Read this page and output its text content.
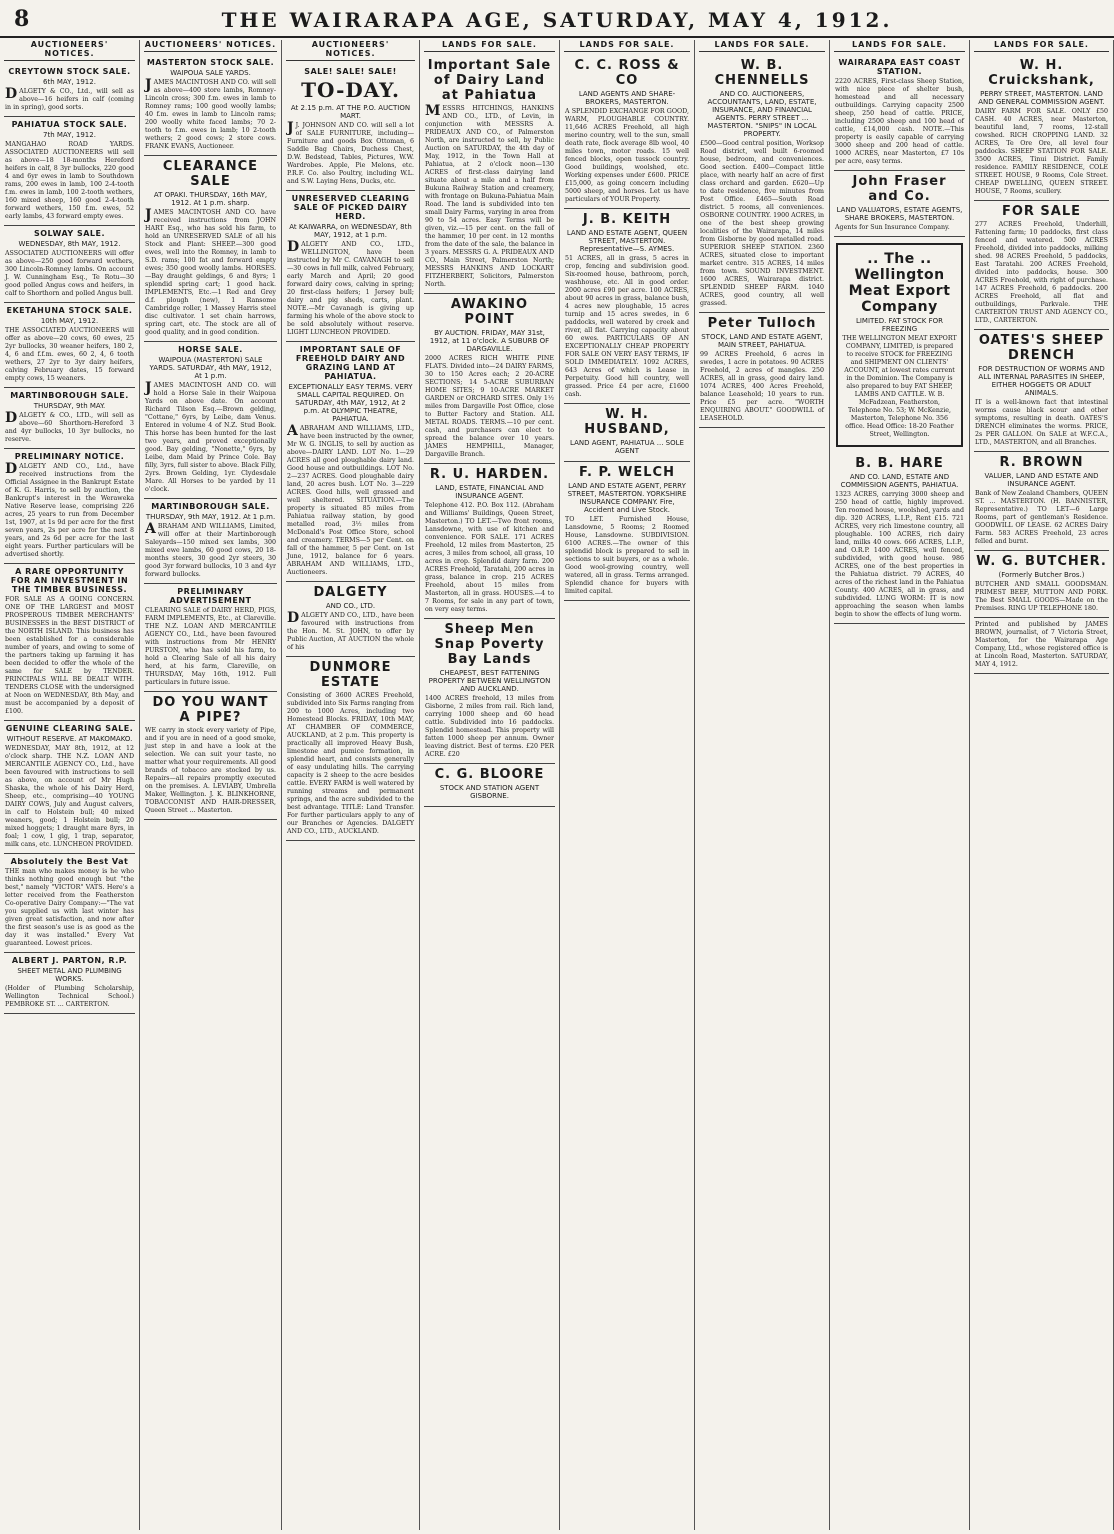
8	THE WAIRARAPA AGE, SATURDAY, MAY 4, 1912.
AUCTIONEERS' NOTICES.
CREYTOWN STOCK SALE.
6th MAY, 1912.
DALGETY & CO., Ltd., will sell as above—16 heifers in calf (coming in in spring), good sorts.
PAHIATUA STOCK SALE.
7th MAY, 1912.
MANGAHAO ROAD YARDS. ASSOCIATED AUCTIONEERS will sell as above—18 18-months Hereford heifers in calf, 8 3yr bullocks, 220 good 4 and 6yr ewes in lamb to Southdown rams, 200 ewes in lamb, 100 2-4-tooth f.m. ewes in lamb, 100 2-tooth wethers, 160 mixed sheep, 160 good 2-4-tooth forward wethers, 150 f.m. ewes, 52 early lambs, 43 forward empty ewes.
SOLWAY SALE.
WEDNESDAY, 8th MAY, 1912.
ASSOCIATED AUCTIONEERS will offer as above—250 good forward wethers, 300 Lincoln-Romney lambs. On account J. W. Cunningham Esq., Te Rotu—30 good polled Angus cows and heifers, in calf to Shorthorn and polled Angus bull.
EKETAHUNA STOCK SALE.
10th MAY, 1912.
THE ASSOCIATED AUCTIONEERS will offer as above—20 cows, 60 ewes, 25 2yr bullocks, 30 weaner heifers, 180 2, 4, 6 and f.f.m. ewes, 60 2, 4, 6 tooth wethers, 27 2yr to 3yr dairy heifers, calving February dates, 15 forward empty cows, 15 weaners.
MARTINBOROUGH SALE.
THURSDAY, 9th MAY.
DALGETY & CO., LTD., will sell as above—60 Shorthorn-Hereford 3 and 4yr bullocks, 10 3yr bullocks, no reserve.
PRELIMINARY NOTICE.
DALGETY AND CO., Ltd., have received instructions from the Official Assignee in the Bankrupt Estate of K. G. Harris, to sell by auction, the Bankrupt's interest in the Weraweka Native Reserve lease, comprising 226 acres, 25 years to run from December 1st, 1907, at 1s 9d per acre for the first seven years, 2s per acre for the next 8 years, and 2s 6d per acre for the last eight years. Further particulars will be advertised shortly.
A RARE OPPORTUNITY FOR AN INVESTMENT IN THE TIMBER BUSINESS.
FOR SALE AS A GOING CONCERN. ONE OF THE LARGEST and MOST PROSPEROUS TIMBER MERCHANTS' BUSINESSES in the BEST DISTRICT of the NORTH ISLAND. This business has been established for a considerable number of years, and owing to some of the partners taking up farming it has been decided to offer the whole of the same for SALE by TENDER. PRINCIPALS WILL BE DEALT WITH. TENDERS CLOSE with the undersigned at Noon on WEDNESDAY, 8th May, and must be accompanied by a deposit of £100.
GENUINE CLEARING SALE.
WITHOUT RESERVE. AT MAKOMAKO.
WEDNESDAY, MAY 8th, 1912, at 12 o'clock sharp. THE N.Z. LOAN AND MERCANTILE AGENCY CO., Ltd., have been favoured with instructions to sell as above, on account of Mr Hugh Shaska, the whole of his Dairy Herd, Sheep, etc., comprising—40 YOUNG DAIRY COWS, July and August calvers, in calf to Holstein bull; 40 mixed weaners, good; 1 Holstein bull; 20 mixed hoggets; 1 draught mare 8yrs, in foal; 1 cow, 1 gig, 1 trap, separator, milk cans, etc. LUNCHEON PROVIDED.
Absolutely the Best Vat
THE man who makes money is he who thinks nothing good enough but "the best," namely "VICTOR" VATS. Here's a letter received from the Featherston Co-operative Dairy Company:—"The vat you supplied us with last winter has given great satisfaction, and now after the first season's use is as good as the day it was installed." Every Vat guaranteed. Lowest prices.
ALBERT J. PARTON, R.P.
SHEET METAL AND PLUMBING WORKS.
(Holder of Plumbing Scholarship, Wellington Technical School.) PEMBROKE ST. ... CARTERTON.
AUCTIONEERS' NOTICES.
MASTERTON STOCK SALE.
WAIPOUA SALE YARDS.
JAMES MACINTOSH AND CO. will sell as above—400 store lambs, Romney-Lincoln cross; 300 f.m. ewes in lamb to Romney rams; 100 good woolly lambs; 40 f.m. ewes in lamb to Lincoln rams; 200 woolly white faced lambs; 70 2-tooth to f.m. ewes in lamb; 10 2-tooth wethers; 2 good cows; 2 store cows. FRANK EVANS, Auctioneer.
CLEARANCE SALE
AT OPAKI. THURSDAY, 16th MAY, 1912. At 1 p.m. sharp.
JAMES MACINTOSH AND CO. have received instructions from JOHN HART Esq., who has sold his farm, to hold an UNRESERVED SALE of all his Stock and Plant: SHEEP.—300 good ewes, well into the Romney, in lamb to S.D. rams; 100 fat and forward empty ewes; 350 good woolly lambs. HORSES.—Bay draught geldings, 6 and 8yrs; 1 splendid spring cart; 1 good hack. IMPLEMENTS, Etc.—1 Red and Grey d.f. plough (new), 1 Ransome Cambridge roller, 1 Massey Harris steel disc cultivator. 1 set chain harrows, spring cart, etc. The stock are all of good quality, and in good condition.
HORSE SALE.
WAIPOUA (MASTERTON) SALE YARDS. SATURDAY, 4th MAY, 1912, At 1 p.m.
JAMES MACINTOSH AND CO. will hold a Horse Sale in their Waipoua Yards on above date. On account Richard Tilson Esq.—Brown gelding, "Cottane," 6yrs, by Leibe, dam Venus. Entered in volume 4 of N.Z. Stud Book. This horse has been hunted for the last two years, and proved exceptionally good. Bay gelding, "Nonette," 6yrs, by Leibe, dam Maid by Prince Cole. Bay filly, 3yrs, full sister to above. Black Filly, 2yrs. Brown Gelding, 1yr. Clydesdale Mare. All Horses to be yarded by 11 o'clock.
MARTINBOROUGH SALE.
THURSDAY, 9th MAY, 1912. At 1 p.m.
ABRAHAM AND WILLIAMS, Limited, will offer at their Martinborough Saleyards—150 mixed sex lambs, 300 mixed ewe lambs, 60 good cows, 20 18-months steers, 30 good 2yr steers, 30 good 3yr forward bullocks, 10 3 and 4yr forward bullocks.
PRELIMINARY ADVERTISEMENT
CLEARING SALE of DAIRY HERD, PIGS, FARM IMPLEMENTS, Etc., at Clareville. THE N.Z. LOAN AND MERCANTILE AGENCY CO., Ltd., have been favoured with instructions from Mr HENRY PURSTON, who has sold his farm, to hold a Clearing Sale of all his dairy herd, at his farm, Clareville, on THURSDAY, May 16th, 1912. Full particulars in future issue.
DO YOU WANT A PIPE?
WE carry in stock every variety of Pipe, and if you are in need of a good smoke, just step in and have a look at the selection. We can suit your taste, no matter what your requirements. All good brands of tobacco are stocked by us. Repairs—all repairs promptly executed on the premises. A. LEVIABY, Umbrella Maker, Wellington. J. K. BLINKHORNE, TOBACCONIST AND HAIR-DRESSER, Queen Street ... Masterton.
AUCTIONEERS' NOTICES.
SALE! SALE! SALE!
TO-DAY.
At 2.15 p.m. AT THE P.O. AUCTION MART.
J J. JOHNSON AND CO. will sell a lot of SALE FURNITURE, including—Furniture and goods Box Ottoman, 6 Saddle Bag Chairs, Duchess Chest, D.W. Bedstead, Tables, Pictures, W.W. Wardrobes. Apple, Pie Melons, etc. P.R.F. Co. also Poultry, including W.L. and S.W. Laying Hens, Ducks, etc.
UNRESERVED CLEARING SALE OF PICKED DAIRY HERD.
At KAIWARRA, on WEDNESDAY, 8th MAY, 1912, at 1 p.m.
DALGETY AND CO., LTD., WELLINGTON, have been instructed by Mr C. CAVANAGH to sell—30 cows in full milk, calved February, early March and April; 20 good forward dairy cows, calving in spring; 20 first-class heifers; 1 Jersey bull; dairy and pig sheds, carts, plant. NOTE.—Mr Cavanagh is giving up farming his whole of the above stock to be sold absolutely without reserve. LIGHT LUNCHEON PROVIDED.
IMPORTANT SALE OF FREEHOLD DAIRY AND GRAZING LAND AT PAHIATUA.
EXCEPTIONALLY EASY TERMS. VERY SMALL CAPITAL REQUIRED. On SATURDAY, 4th MAY, 1912, At 2 p.m. At OLYMPIC THEATRE, PAHIATUA.
AABRAHAM AND WILLIAMS, LTD., have been instructed by the owner, Mr W. G. INGLIS, to sell by auction as above—DAIRY LAND. LOT No. 1—29 ACRES all good ploughable dairy land. Good house and outbuildings. LOT No. 2—237 ACRES. Good ploughable dairy land, 20 acres bush. LOT No. 3—229 ACRES. Good hills, well grassed and well sheltered. SITUATION.—The property is situated 85 miles from Pahiatua railway station, by good metalled road, 3½ miles from McDonald's Post Office Store, school and creamery. TERMS—5 per Cent. on fall of the hammer, 5 per Cent. on 1st June, 1912, balance for 6 years. ABRAHAM AND WILLIAMS, LTD., Auctioneers.
DALGETY
AND CO., LTD.
DALGETY AND CO., LTD., have been favoured with instructions from the Hon. M. St. JOHN, to offer by Public Auction, AT AUCTION the whole of his
DUNMORE ESTATE
Consisting of 3600 ACRES Freehold, subdivided into Six Farms ranging from 200 to 1000 Acres, including two Homestead Blocks. FRIDAY, 10th MAY, AT CHAMBER OF COMMERCE, AUCKLAND, at 2 p.m. This property is practically all improved Heavy Bush, limestone and pumice formation, in splendid heart, and consists generally of easy undulating hills. The carrying capacity is 2 sheep to the acre besides cattle. EVERY FARM is well watered by running streams and permanent springs, and the acre subdivided to the best advantage. TITLE: Land Transfer. For further particulars apply to any of our Branches or Agencies. DALGETY AND CO., LTD., AUCKLAND.
LANDS FOR SALE.
Important Sale of Dairy Land at Pahiatua
MESSRS HITCHINGS, HANKINS AND CO., LTD., of Levin, in conjunction with MESSRS A. PRIDEAUX AND CO., of Palmerston North, are instructed to sell, by Public Auction on SATURDAY, the 4th day of May, 1912, in the Town Hall at Pahiatua, at 2 o'clock noon—130 ACRES of first-class dairying land situate about a mile and a half from Bukuna Railway Station and creamery, with frontage on Bukuna-Pahiatua Main Road. The land is subdivided into ten small Dairy Farms, varying in area from 90 to 54 acres. Easy Terms will be given, viz.—15 per cent. on the fall of the hammer, 10 per cent. in 12 months from the date of the sale, the balance in 3 years. MESSRS G. A. PRIDEAUX AND CO., Main Street, Palmerston North; MESSRS HANKINS AND LOCKART FITZHERBERT, Solicitors, Palmerston North.
AWAKINO POINT
BY AUCTION. FRIDAY, MAY 31st, 1912, at 11 o'clock. A SUBURB OF DARGAVILLE.
2000 ACRES RICH WHITE PINE FLATS. Divided into—24 DAIRY FARMS, 30 to 150 Acres each; 2 20-ACRE SECTIONS; 14 5-ACRE SUBURBAN HOME SITES; 9 10-ACRE MARKET GARDEN or ORCHARD SITES. Only 1½ miles from Dargaville Post Office, close to Butter Factory and Station. ALL METAL ROADS. TERMS.—10 per cent. cash, and purchasers can elect to spread the balance over 10 years. JAMES HEMPHILL, Manager, Dargaville Branch.
R. U. HARDEN.
LAND, ESTATE, FINANCIAL AND INSURANCE AGENT.
Telephone 412. P.O. Box 112. (Abraham and Williams' Buildings, Queen Street, Masterton.) TO LET.—Two front rooms, Lansdowne, with use of kitchen and convenience. FOR SALE. 171 ACRES Freehold, 12 miles from Masterton, 25 acres, 3 miles from school, all grass, 10 acres in crop. Splendid dairy farm. 200 ACRES Freehold, Taratahi, 200 acres in grass, balance in crop. 215 ACRES Freehold, about 15 miles from Masterton, all in grass. HOUSES.—4 to 7 Rooms, for sale in any part of town, on very easy terms.
Sheep Men Snap Poverty Bay Lands
CHEAPEST, BEST FATTENING PROPERTY BETWEEN WELLINGTON AND AUCKLAND.
1400 ACRES freehold, 13 miles from Gisborne, 2 miles from rail. Rich land, carrying 1000 sheep and 60 head cattle. Subdivided into 16 paddocks. Splendid homestead. This property will fatten 1000 sheep per annum. Owner leaving district. Best of terms. £20 PER ACRE. £20
C. G. BLOORE
STOCK AND STATION AGENT GISBORNE.
LANDS FOR SALE.
C. C. ROSS & CO
LAND AGENTS AND SHARE-BROKERS, MASTERTON.
A SPLENDID EXCHANGE FOR GOOD, WARM, PLOUGHABLE COUNTRY. 11,646 ACRES Freehold, all high merino country, well to the sun, small death rate, flock average 8lb wool, 40 miles town, motor roads. 15 well fenced blocks, open tussock country. Good buildings, woolshed, etc. Working expenses under £600. PRICE £15,000, as going concern including 5000 sheep, and horses. Let us have particulars of YOUR Property.
J. B. KEITH
LAND AND ESTATE AGENT, QUEEN STREET, MASTERTON. Representative—S. AYMES.
51 ACRES, all in grass, 5 acres in crop, fencing and subdivision good. Six-roomed house, bathroom, porch, washhouse, etc. All in good order. 2000 acres £90 per acre. 100 ACRES, about 90 acres in grass, balance bush, 4 acres new ploughable, 15 acres turnip and 15 acres swedes, in 6 paddocks, well watered by creek and river, all flat. Carrying capacity about 60 ewes. PARTICULARS OF AN EXCEPTIONALLY CHEAP PROPERTY FOR SALE ON VERY EASY TERMS, IF SOLD IMMEDIATELY. 1092 ACRES, 643 Acres of which is Lease in Perpetuity. Good hill country, well grassed. Price £4 per acre, £1600 cash.
W. H. HUSBAND,
LAND AGENT, PAHIATUA ... SOLE AGENT
F. P. WELCH
LAND AND ESTATE AGENT, PERRY STREET, MASTERTON. YORKSHIRE INSURANCE COMPANY. Fire, Accident and Live Stock.
TO LET. Furnished House, Lansdowne, 5 Rooms; 2 Roomed House, Lansdowne. SUBDIVISION. 6100 ACRES.—The owner of this splendid block is prepared to sell in sections to suit buyers, or as a whole. Good wool-growing country, well watered, all in grass. Terms arranged. Splendid chance for buyers with limited capital.
LANDS FOR SALE.
W. B. CHENNELLS
AND CO. AUCTIONEERS, ACCOUNTANTS, LAND, ESTATE, INSURANCE, AND FINANCIAL AGENTS. PERRY STREET ... MASTERTON. "SNIPS" IN LOCAL PROPERTY.
£500—Good central position, Worksop Road district, well built 6-roomed house, bedroom, and conveniences. Good section. £400—Compact little place, with nearly half an acre of first class orchard and garden. £620—Up to date residence, five minutes from Post Office. £465—South Road district. 5 rooms, all conveniences. OSBORNE COUNTRY. 1900 ACRES, in one of the best sheep growing localities of the Wairarapa, 14 miles from Gisborne by good metalled road. SUPERIOR SHEEP STATION. 2360 ACRES, situated close to important market centre. 315 ACRES, 14 miles from town. SOUND INVESTMENT. 1600 ACRES, Wairarapa district. SPLENDID SHEEP FARM. 1040 ACRES, good country, all well grassed.
Peter Tulloch
STOCK, LAND AND ESTATE AGENT, MAIN STREET, PAHIATUA.
99 ACRES Freehold, 6 acres in swedes, 1 acre in potatoes. 90 ACRES Freehold, 2 acres of mangles. 250 ACRES, all in grass, good dairy land. 1074 ACRES, 400 Acres Freehold, balance Leasehold; 10 years to run. Price £5 per acre. "WORTH ENQUIRING ABOUT." GOODWILL of LEASEHOLD.
LANDS FOR SALE.
WAIRARAPA EAST COAST STATION.
2220 ACRES, First-class Sheep Station, with nice piece of shelter bush, homestead and all necessary outbuildings. Carrying capacity 2500 sheep, 250 head of cattle. PRICE, including 2500 sheep and 100 head of cattle, £14,000 cash. NOTE.—This property is easily capable of carrying 3000 sheep and 200 head of cattle. 1000 ACRES, near Masterton, £7 10s per acre, easy terms.
John Fraser and Co.
LAND VALUATORS, ESTATE AGENTS, SHARE BROKERS, MASTERTON.
Agents for Sun Insurance Company.
.. The .. Wellington Meat Export Company
LIMITED. FAT STOCK FOR FREEZING
THE WELLINGTON MEAT EXPORT COMPANY, LIMITED, is prepared to receive STOCK for FREEZING and SHIPMENT ON CLIENTS' ACCOUNT, at lowest rates current in the Dominion. The Company is also prepared to buy FAT SHEEP, LAMBS AND CATTLE. W. B. McFadzean, Featherston, Telephone No. 53; W. McKenzie, Masterton, Telephone No. 356 office. Head Office: 18-20 Feather Street, Wellington.
B. B. HARE
AND CO. LAND, ESTATE AND COMMISSION AGENTS, PAHIATUA.
1323 ACRES, carrying 3000 sheep and 250 head of cattle, highly improved. Ten roomed house, woolshed, yards and dip. 320 ACRES, L.I.P., Rent £15. 721 ACRES, very rich limestone country, all ploughable. 100 ACRES, rich dairy land, milks 40 cows. 666 ACRES, L.I.P., and O.R.P. 1400 ACRES, well fenced, subdivided, with good house. 986 ACRES, one of the best properties in the Pahiatua district. 79 ACRES, 40 acres of the richest land in the Pahiatua County. 400 ACRES, all in grass, and subdivided. LUNG WORM: IT is now approaching the season when lambs begin to show the effects of lung worm.
LANDS FOR SALE.
W. H. Cruickshank,
PERRY STREET, MASTERTON. LAND AND GENERAL COMMISSION AGENT.
DAIRY FARM FOR SALE. ONLY £50 CASH. 40 ACRES, near Masterton, beautiful land, 7 rooms, 12-stall cowshed. RICH CROPPING LAND. 32 ACRES, Te Ore Ore, all level four paddocks. SHEEP STATION FOR SALE. 3500 ACRES, Tinui District. Family residence. FAMILY RESIDENCE, COLE STREET. HOUSE, 9 Rooms, Cole Street. CHEAP DWELLING, QUEEN STREET. HOUSE, 7 Rooms, scullery.
FOR SALE
277 ACRES Freehold, Underhill, Fattening farm; 10 paddocks, first class fenced and watered. 500 ACRES Freehold, divided into paddocks, milking shed. 98 ACRES Freehold, 5 paddocks, East Taratahi. 200 ACRES Freehold, divided into paddocks, house. 300 ACRES Freehold, with right of purchase. 147 ACRES Freehold, 6 paddocks. 200 ACRES Freehold, all flat and outbuildings, Parkvale. THE CARTERTON TRUST AND AGENCY CO., LTD., CARTERTON.
OATES'S SHEEP DRENCH
FOR DESTRUCTION OF WORMS AND ALL INTERNAL PARASITES IN SHEEP, EITHER HOGGETS OR ADULT ANIMALS.
IT is a well-known fact that intestinal worms cause black scour and other symptoms, resulting in death. OATES'S DRENCH eliminates the worms. PRICE, 2s PER GALLON. On SALE at W.F.C.A., LTD., MASTERTON, and all Branches.
R. BROWN
VALUER, LAND AND ESTATE AND INSURANCE AGENT.
Bank of New Zealand Chambers, QUEEN ST. ... MASTERTON. (H. BANNISTER, Representative.) TO LET—6 Large Rooms, part of gentleman's Residence. GOODWILL OF LEASE. 62 ACRES Dairy Farm. 583 ACRES Freehold, 23 acres felled and burnt.
W. G. BUTCHER.
(Formerly Butcher Bros.)
BUTCHER AND SMALL GOODSMAN. PRIMEST BEEF, MUTTON AND PORK. The Best SMALL GOODS—Made on the Premises. RING UP TELEPHONE 180.
Printed and published by JAMES BROWN, journalist, of 7 Victoria Street, Masterton, for the Wairarapa Age Company, Ltd., whose registered office is at Lincoln Road, Masterton. SATURDAY, MAY 4, 1912.
